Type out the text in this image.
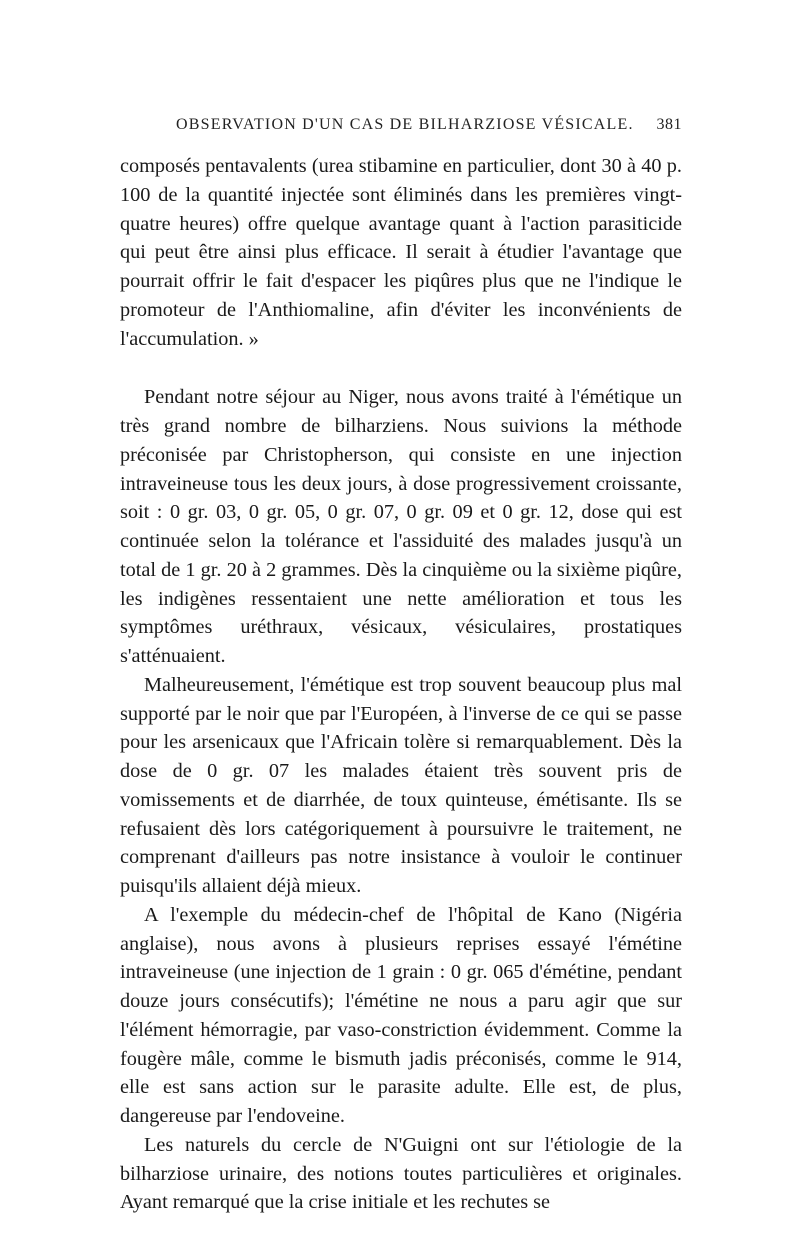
OBSERVATION D'UN CAS DE BILHARZIOSE VÉSICALE. 381

composés pentavalents (urea stibamine en particulier, dont 30 à 40 p. 100 de la quantité injectée sont éliminés dans les premières vingt-quatre heures) offre quelque avantage quant à l'action parasiticide qui peut être ainsi plus efficace. Il serait à étudier l'avantage que pourrait offrir le fait d'espacer les piqûres plus que ne l'indique le promoteur de l'Anthiomaline, afin d'éviter les inconvénients de l'accumulation. »

Pendant notre séjour au Niger, nous avons traité à l'émétique un très grand nombre de bilharziens. Nous suivions la méthode préconisée par Christopherson, qui consiste en une injection intraveineuse tous les deux jours, à dose progressivement croissante, soit : 0 gr. 03, 0 gr. 05, 0 gr. 07, 0 gr. 09 et 0 gr. 12, dose qui est continuée selon la tolérance et l'assiduité des malades jusqu'à un total de 1 gr. 20 à 2 grammes. Dès la cinquième ou la sixième piqûre, les indigènes ressentaient une nette amélioration et tous les symptômes uréthraux, vésicaux, vésiculaires, prostatiques s'atténuaient.

Malheureusement, l'émétique est trop souvent beaucoup plus mal supporté par le noir que par l'Européen, à l'inverse de ce qui se passe pour les arsenicaux que l'Africain tolère si remarquablement. Dès la dose de 0 gr. 07 les malades étaient très souvent pris de vomissements et de diarrhée, de toux quinteuse, émétisante. Ils se refusaient dès lors catégoriquement à poursuivre le traitement, ne comprenant d'ailleurs pas notre insistance à vouloir le continuer puisqu'ils allaient déjà mieux.

A l'exemple du médecin-chef de l'hôpital de Kano (Nigéria anglaise), nous avons à plusieurs reprises essayé l'émétine intraveineuse (une injection de 1 grain : 0 gr. 065 d'émétine, pendant douze jours consécutifs); l'émétine ne nous a paru agir que sur l'élément hémorragie, par vaso-constriction évidemment. Comme la fougère mâle, comme le bismuth jadis préconisés, comme le 914, elle est sans action sur le parasite adulte. Elle est, de plus, dangereuse par l'endoveine.

Les naturels du cercle de N'Guigni ont sur l'étiologie de la bilharziose urinaire, des notions toutes particulières et originales. Ayant remarqué que la crise initiale et les rechutes se
